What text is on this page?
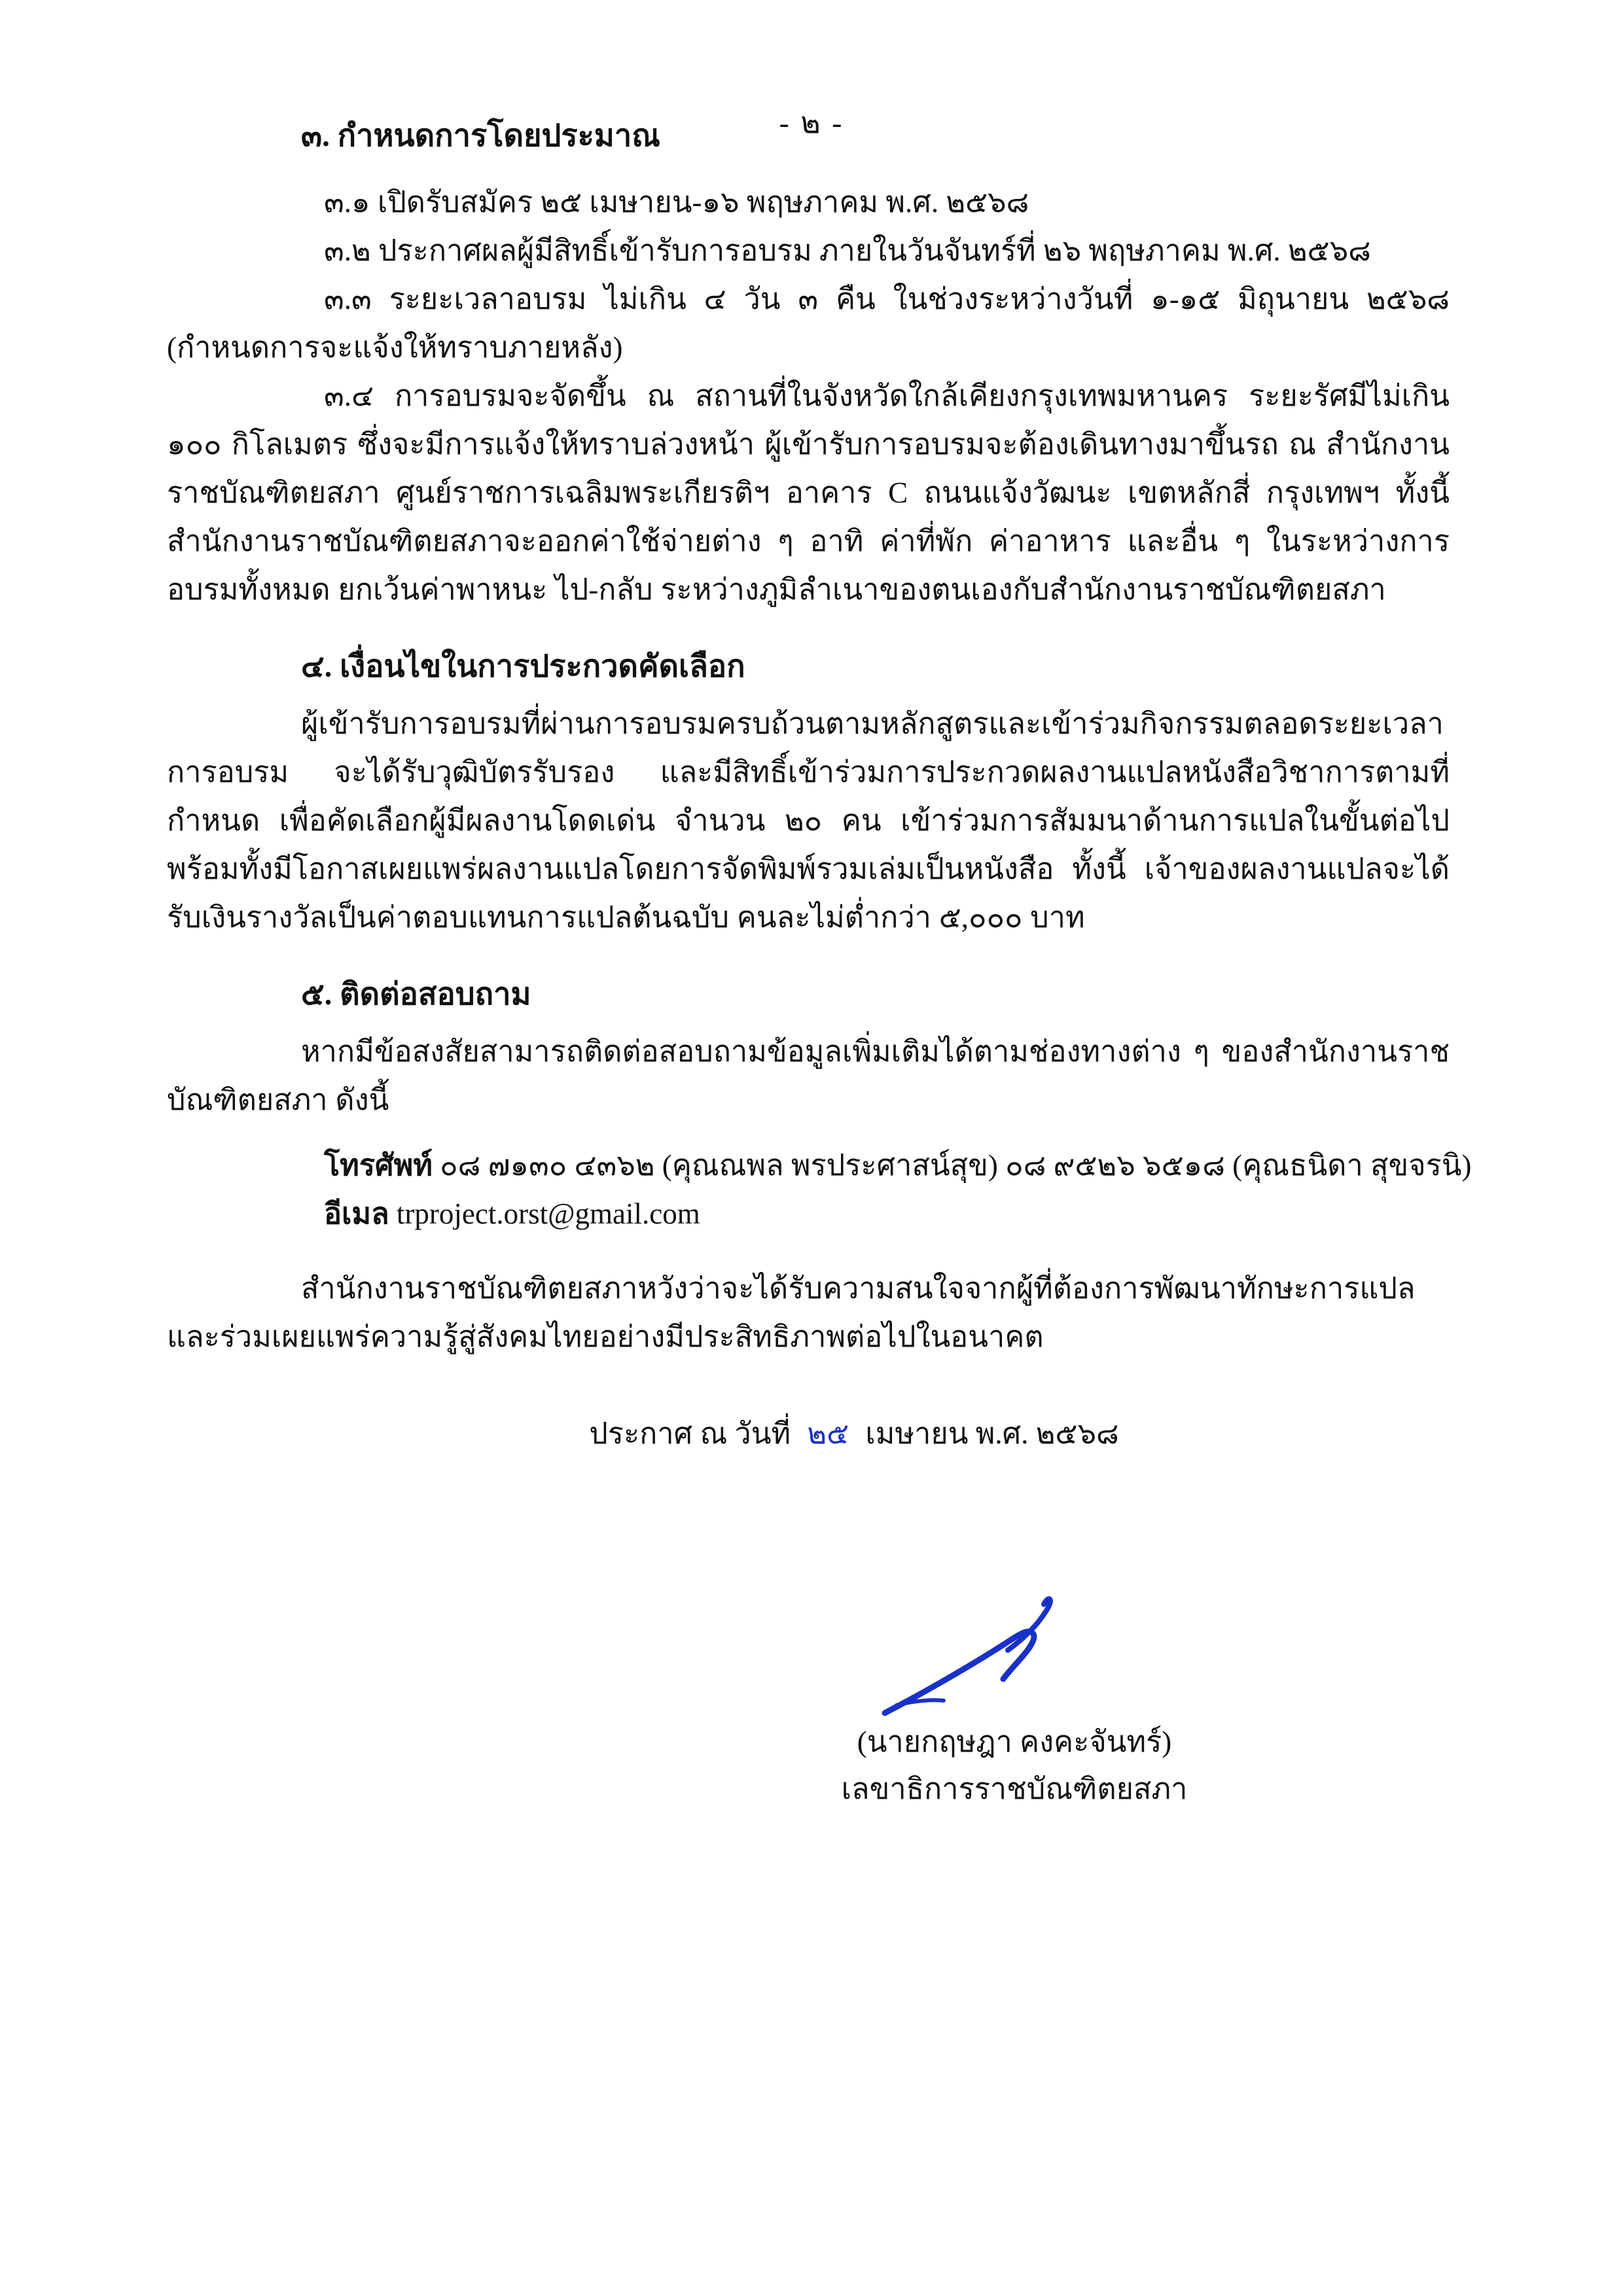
- ๒ -

๓. กำหนดการโดยประมาณ

๓.๑ เปิดรับสมัคร ๒๕ เมษายน-๑๖ พฤษภาคม พ.ศ. ๒๕๖๘

๓.๒ ประกาศผลผู้มีสิทธิ์เข้ารับการอบรม ภายในวันจันทร์ที่ ๒๖ พฤษภาคม พ.ศ. ๒๕๖๘

๓.๓ ระยะเวลาอบรม ไม่เกิน ๔ วัน ๓ คืน ในช่วงระหว่างวันที่ ๑-๑๕ มิถุนายน ๒๕๖๘ (กำหนดการจะแจ้งให้ทราบภายหลัง)

๓.๔ การอบรมจะจัดขึ้น ณ สถานที่ในจังหวัดใกล้เคียงกรุงเทพมหานคร ระยะรัศมีไม่เกิน ๑๐๐ กิโลเมตร ซึ่งจะมีการแจ้งให้ทราบล่วงหน้า ผู้เข้ารับการอบรมจะต้องเดินทางมาขึ้นรถ ณ สำนักงานราชบัณฑิตยสภา ศูนย์ราชการเฉลิมพระเกียรติฯ อาคาร C ถนนแจ้งวัฒนะ เขตหลักสี่ กรุงเทพฯ ทั้งนี้ สำนักงานราชบัณฑิตยสภาจะออกค่าใช้จ่ายต่าง ๆ อาทิ ค่าที่พัก ค่าอาหาร และอื่น ๆ ในระหว่างการอบรมทั้งหมด ยกเว้นค่าพาหนะ ไป-กลับ ระหว่างภูมิลำเนาของตนเองกับสำนักงานราชบัณฑิตยสภา

๔. เงื่อนไขในการประกวดคัดเลือก

ผู้เข้ารับการอบรมที่ผ่านการอบรมครบถ้วนตามหลักสูตรและเข้าร่วมกิจกรรมตลอดระยะเวลาการอบรม จะได้รับวุฒิบัตรรับรอง และมีสิทธิ์เข้าร่วมการประกวดผลงานแปลหนังสือวิชาการตามที่กำหนด เพื่อคัดเลือกผู้มีผลงานโดดเด่น จำนวน ๒๐ คน เข้าร่วมการสัมมนาด้านการแปลในขั้นต่อไป พร้อมทั้งมีโอกาสเผยแพร่ผลงานแปลโดยการจัดพิมพ์รวมเล่มเป็นหนังสือ ทั้งนี้ เจ้าของผลงานแปลจะได้รับเงินรางวัลเป็นค่าตอบแทนการแปลต้นฉบับ คนละไม่ต่ำกว่า ๕,๐๐๐ บาท

๕. ติดต่อสอบถาม

หากมีข้อสงสัยสามารถติดต่อสอบถามข้อมูลเพิ่มเติมได้ตามช่องทางต่าง ๆ ของสำนักงานราชบัณฑิตยสภา ดังนี้

โทรศัพท์ ๐๘ ๗๑๓๐ ๔๓๖๒ (คุณณพล พรประศาสน์สุข) ๐๘ ๙๕๒๖ ๖๕๑๘ (คุณธนิดา สุขจรนิ)

อีเมล trproject.orst@gmail.com

สำนักงานราชบัณฑิตยสภาหวังว่าจะได้รับความสนใจจากผู้ที่ต้องการพัฒนาทักษะการแปล และร่วมเผยแพร่ความรู้สู่สังคมไทยอย่างมีประสิทธิภาพต่อไปในอนาคต

ประกาศ ณ วันที่ ๒๕ เมษายน พ.ศ. ๒๕๖๘

(นายกฤษฎา คงคะจันทร์)

เลขาธิการราชบัณฑิตยสภา
